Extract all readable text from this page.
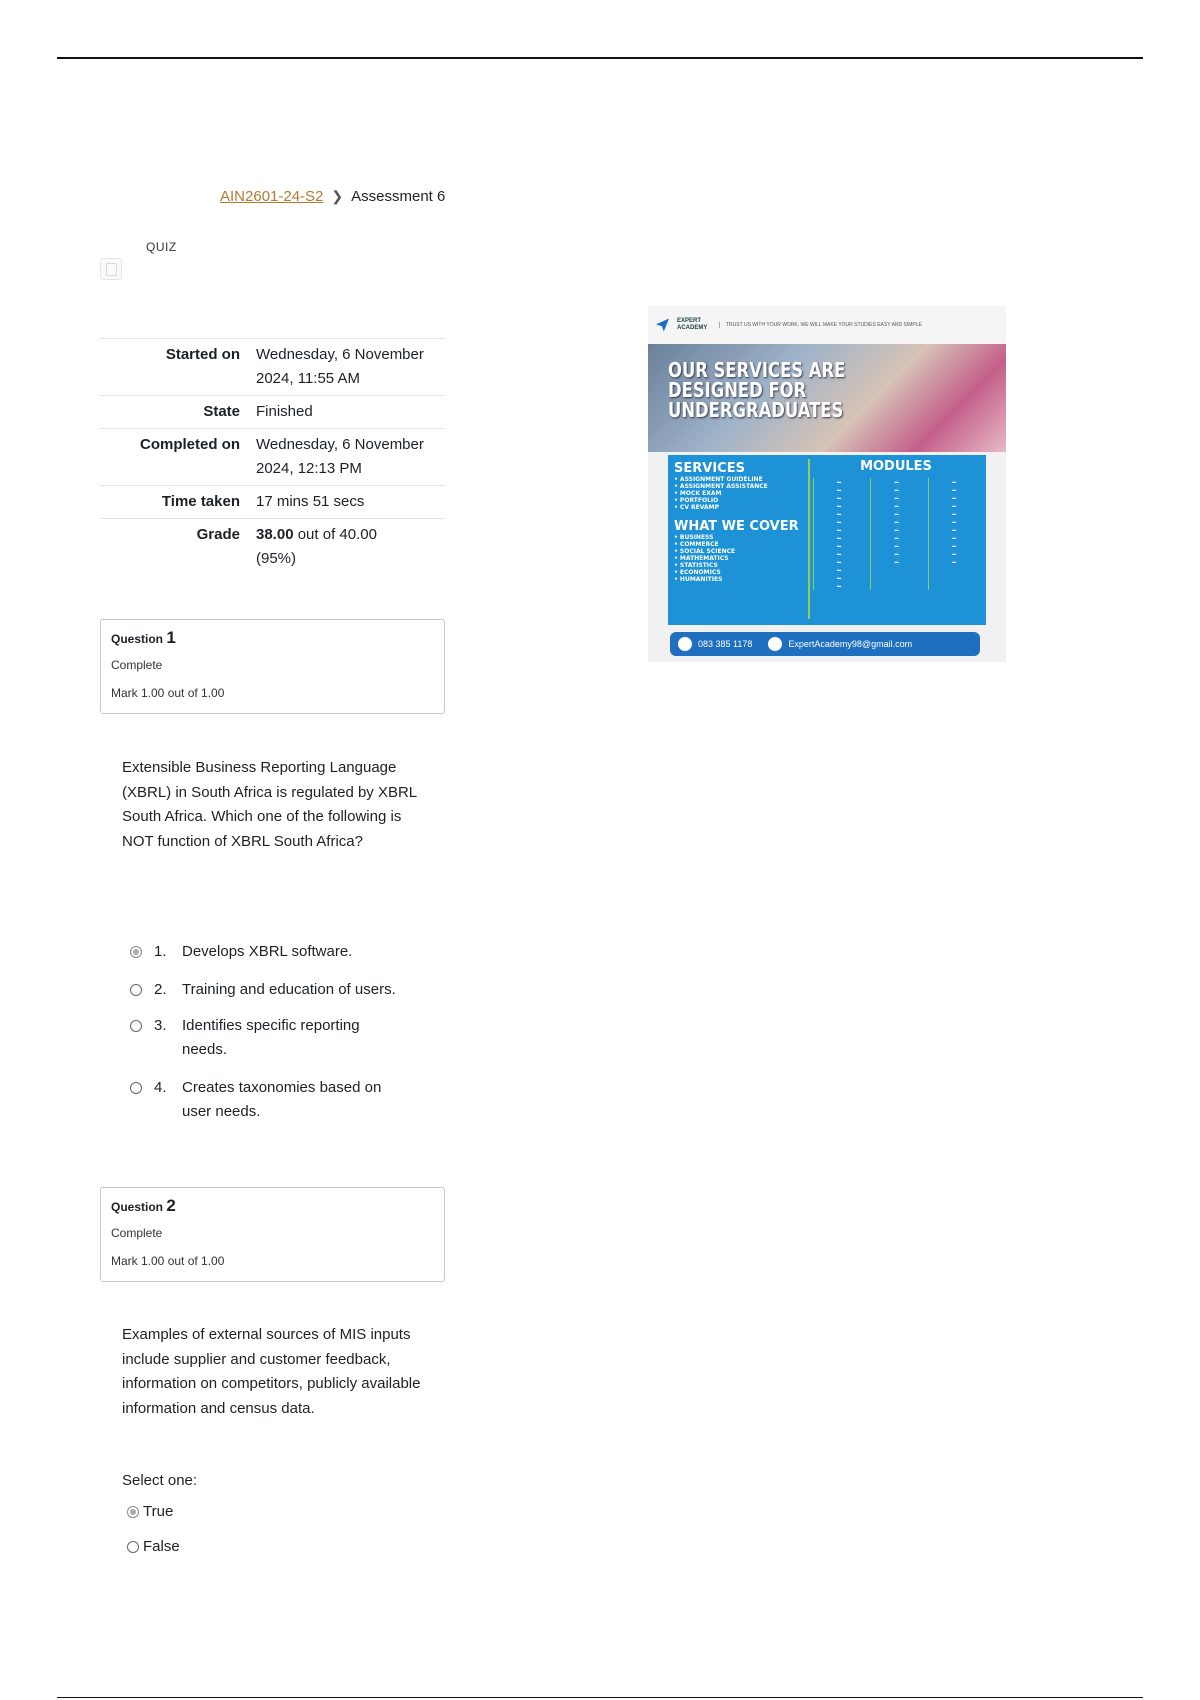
AIN2601-24-S2 ❯ Assessment 6
QUIZ
Started on	Wednesday, 6 November 2024, 11:55 AM
State	Finished
Completed on	Wednesday, 6 November 2024, 12:13 PM
Time taken	17 mins 51 secs
Grade	38.00 out of 40.00
(95%)
Question 1
Complete
Mark 1.00 out of 1.00
Extensible Business Reporting Language (XBRL) in South Africa is regulated by XBRL South Africa. Which one of the following is NOT function of XBRL South Africa?
1.	Develops XBRL software.
2.	Training and education of users.
3.	Identifies specific reporting needs.
4.	Creates taxonomies based on user needs.
Question 2
Complete
Mark 1.00 out of 1.00
Examples of external sources of MIS inputs include supplier and customer feedback, information on competitors, publicly available information and census data.
Select one:
True
False
EXPERT ACADEMY	TRUST US WITH YOUR WORK, WE WILL MAKE YOUR STUDIES EASY AND SIMPLE
OUR SERVICES ARE
DESIGNED FOR
UNDERGRADUATES
SERVICES
• ASSIGNMENT GUIDELINE
• ASSIGNMENT ASSISTANCE
• MOCK EXAM
• PORTFOLIO
• CV REVAMP
WHAT WE COVER
• BUSINESS
• COMMERCE
• SOCIAL SCIENCE
• MATHEMATICS
• STATISTICS
• ECONOMICS
• HUMANITIES
MODULES
▬
▬
▬
▬
▬
▬
▬
▬
▬
▬
▬
▬
▬
▬
▬
▬
▬
▬
▬
▬
▬
▬
▬
▬
▬
▬
▬
▬
▬
▬
▬
▬
▬
▬
▬
▬
083 385 1178	ExpertAcademy98@gmail.com
